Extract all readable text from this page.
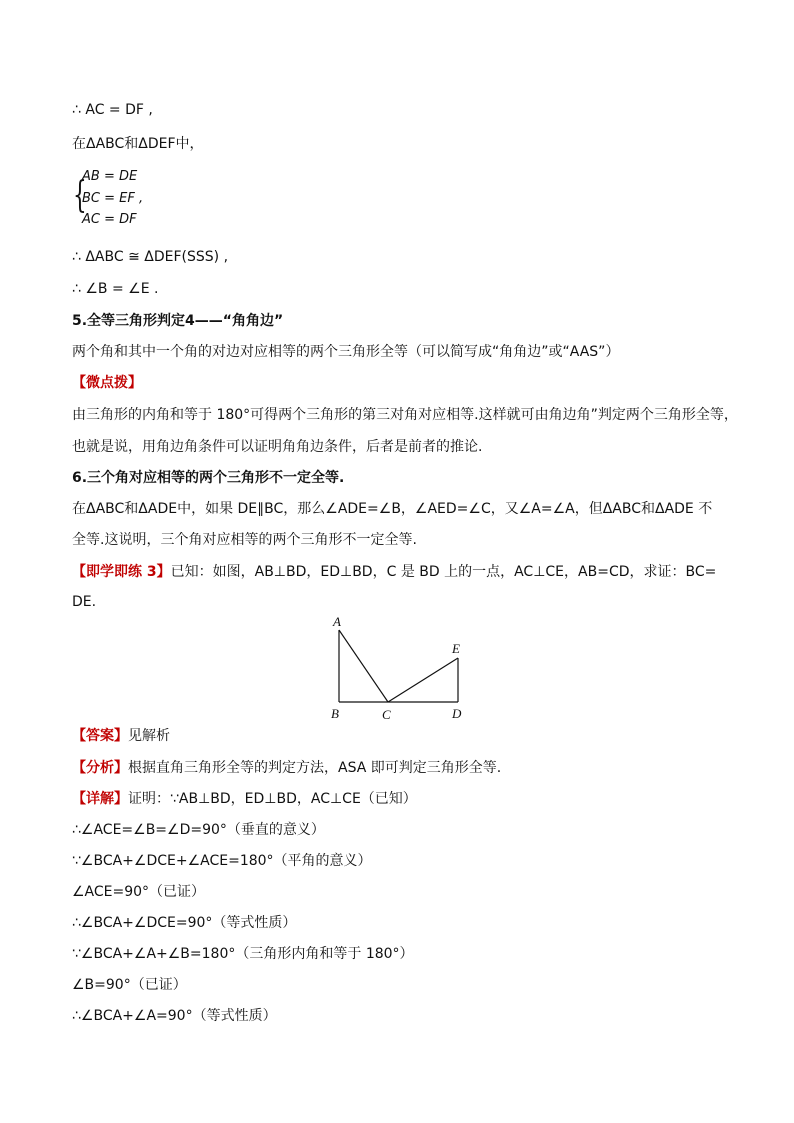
∴ AC = DF ,
在ΔABC和ΔDEF中，
{
AB = DE
BC = EF ,
AC = DF
∴ ΔABC ≅ ΔDEF(SSS) ,
∴ ∠B = ∠E .
5.全等三角形判定4——“角角边”
两个角和其中一个角的对边对应相等的两个三角形全等（可以简写成“角角边”或“AAS”）
【微点拨】
由三角形的内角和等于 180°可得两个三角形的第三对角对应相等.这样就可由角边角”判定两个三角形全等，
也就是说，用角边角条件可以证明角角边条件，后者是前者的推论.
6.三个角对应相等的两个三角形不一定全等.
在ΔABC和ΔADE中，如果 DE∥BC，那么∠ADE=∠B，∠AED=∠C，又∠A=∠A，但ΔABC和ΔADE 不
全等.这说明，三个角对应相等的两个三角形不一定全等.
【即学即练 3】已知：如图，AB⊥BD，ED⊥BD，C 是 BD 上的一点，AC⊥CE，AB=CD，求证：BC=
DE.
A
B	C	D
E
【答案】见解析
【分析】根据直角三角形全等的判定方法，ASA 即可判定三角形全等.
【详解】证明：∵AB⊥BD，ED⊥BD，AC⊥CE（已知）
∴∠ACE=∠B=∠D=90°（垂直的意义）
∵∠BCA+∠DCE+∠ACE=180°（平角的意义）
∠ACE=90°（已证）
∴∠BCA+∠DCE=90°（等式性质）
∵∠BCA+∠A+∠B=180°（三角形内角和等于 180°）
∠B=90°（已证）
∴∠BCA+∠A=90°（等式性质）
